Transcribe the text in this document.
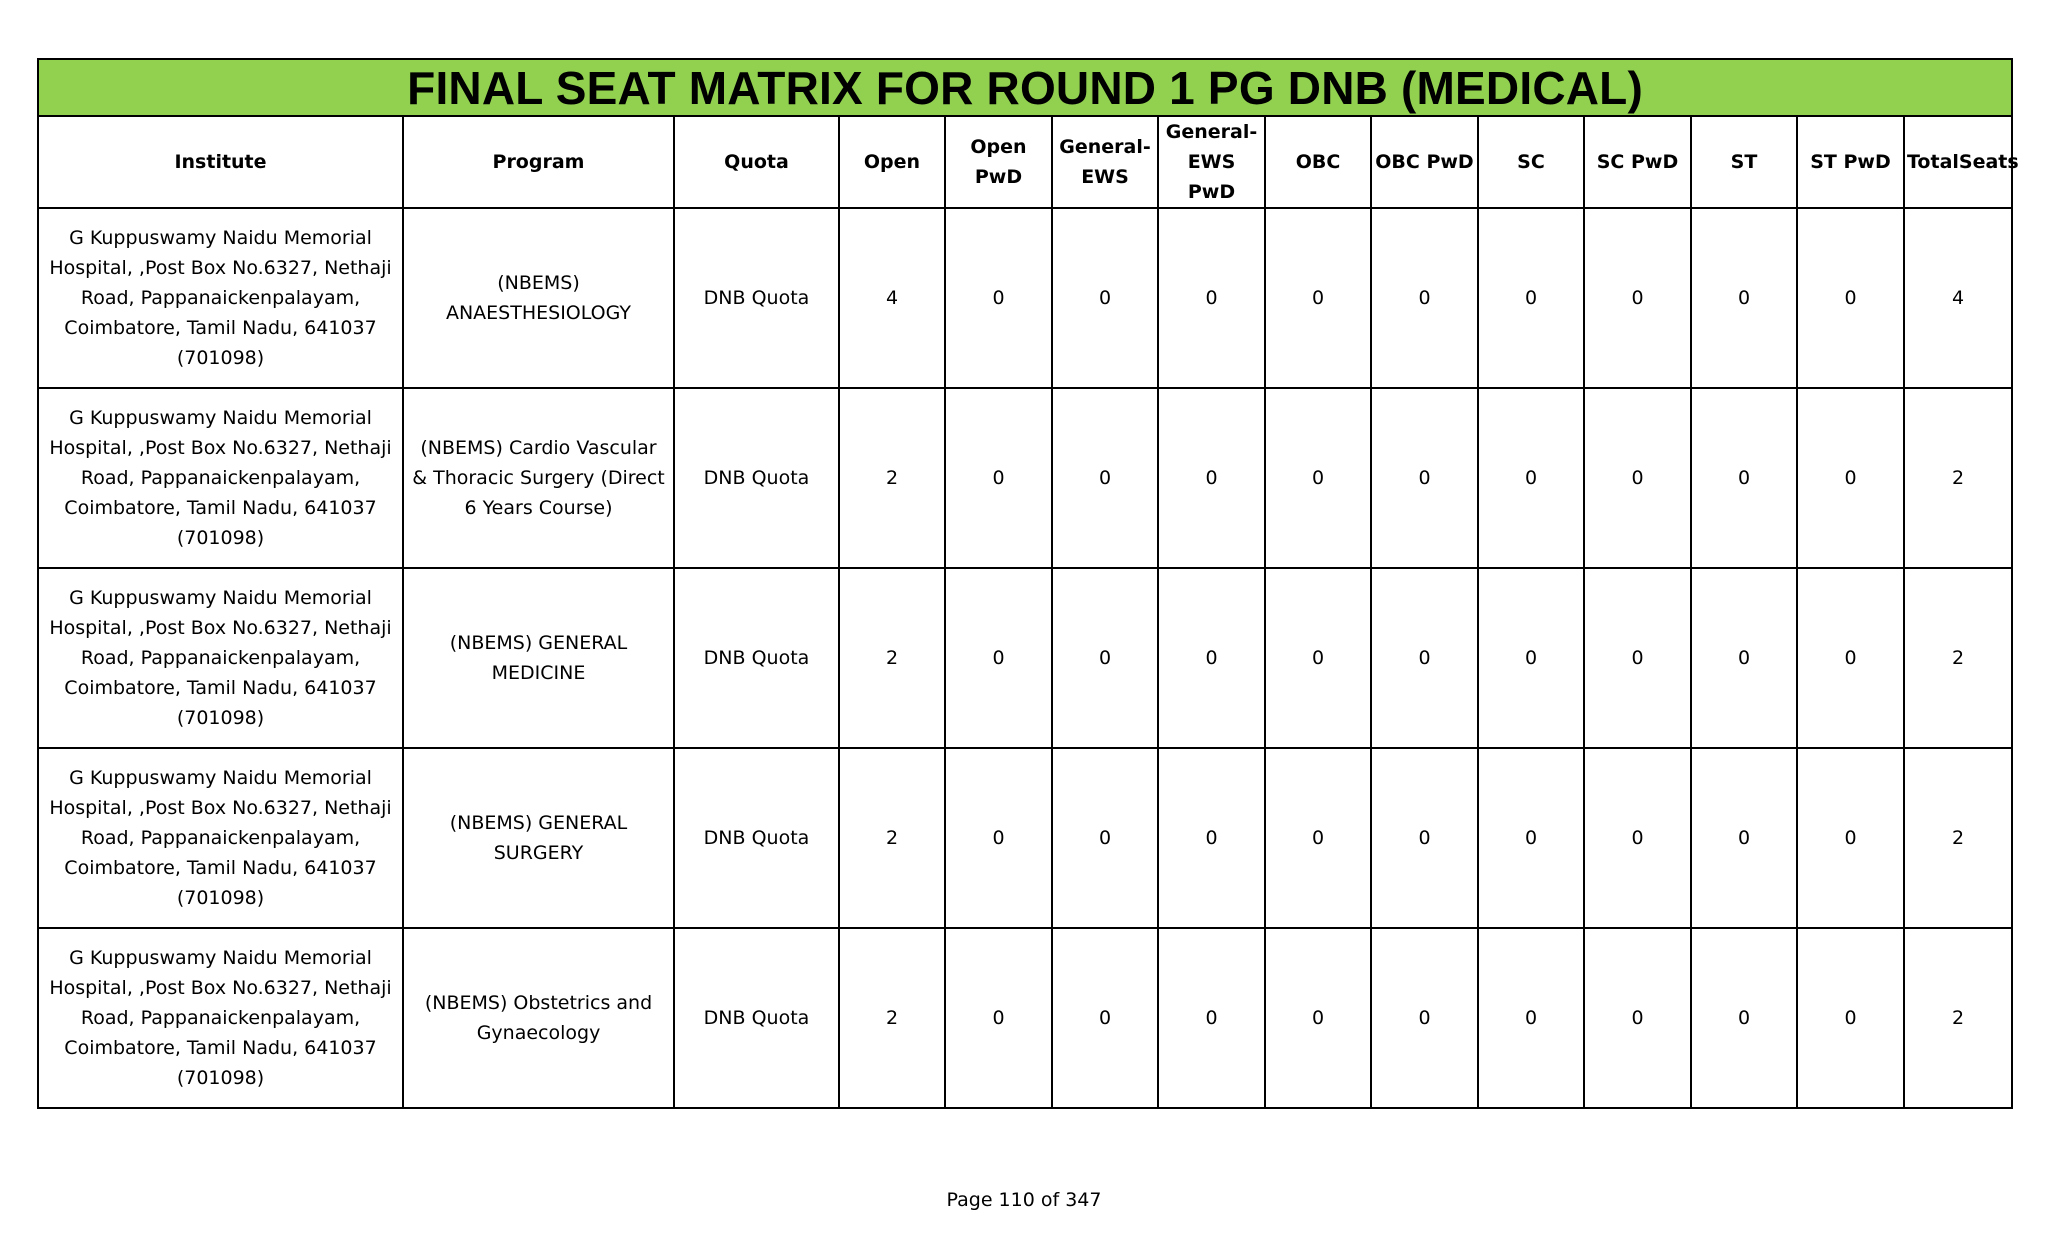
FINAL SEAT MATRIX FOR ROUND 1 PG DNB (MEDICAL)													
Institute	Program	Quota	Open	Open PwD	General-EWS	General-EWS PwD	OBC	OBC PwD	SC	SC PwD	ST	ST PwD	TotalSeats
G Kuppuswamy Naidu Memorial Hospital, ,Post Box No.6327, Nethaji Road, Pappanaickenpalayam, Coimbatore, Tamil Nadu, 641037 (701098)	(NBEMS) ANAESTHESIOLOGY	DNB Quota	4	0	0	0	0	0	0	0	0	0	4
G Kuppuswamy Naidu Memorial Hospital, ,Post Box No.6327, Nethaji Road, Pappanaickenpalayam, Coimbatore, Tamil Nadu, 641037 (701098)	(NBEMS) Cardio Vascular & Thoracic Surgery (Direct 6 Years Course)	DNB Quota	2	0	0	0	0	0	0	0	0	0	2
G Kuppuswamy Naidu Memorial Hospital, ,Post Box No.6327, Nethaji Road, Pappanaickenpalayam, Coimbatore, Tamil Nadu, 641037 (701098)	(NBEMS) GENERAL MEDICINE	DNB Quota	2	0	0	0	0	0	0	0	0	0	2
G Kuppuswamy Naidu Memorial Hospital, ,Post Box No.6327, Nethaji Road, Pappanaickenpalayam, Coimbatore, Tamil Nadu, 641037 (701098)	(NBEMS) GENERAL SURGERY	DNB Quota	2	0	0	0	0	0	0	0	0	0	2
G Kuppuswamy Naidu Memorial Hospital, ,Post Box No.6327, Nethaji Road, Pappanaickenpalayam, Coimbatore, Tamil Nadu, 641037 (701098)	(NBEMS) Obstetrics and Gynaecology	DNB Quota	2	0	0	0	0	0	0	0	0	0	2
Page 110 of 347
